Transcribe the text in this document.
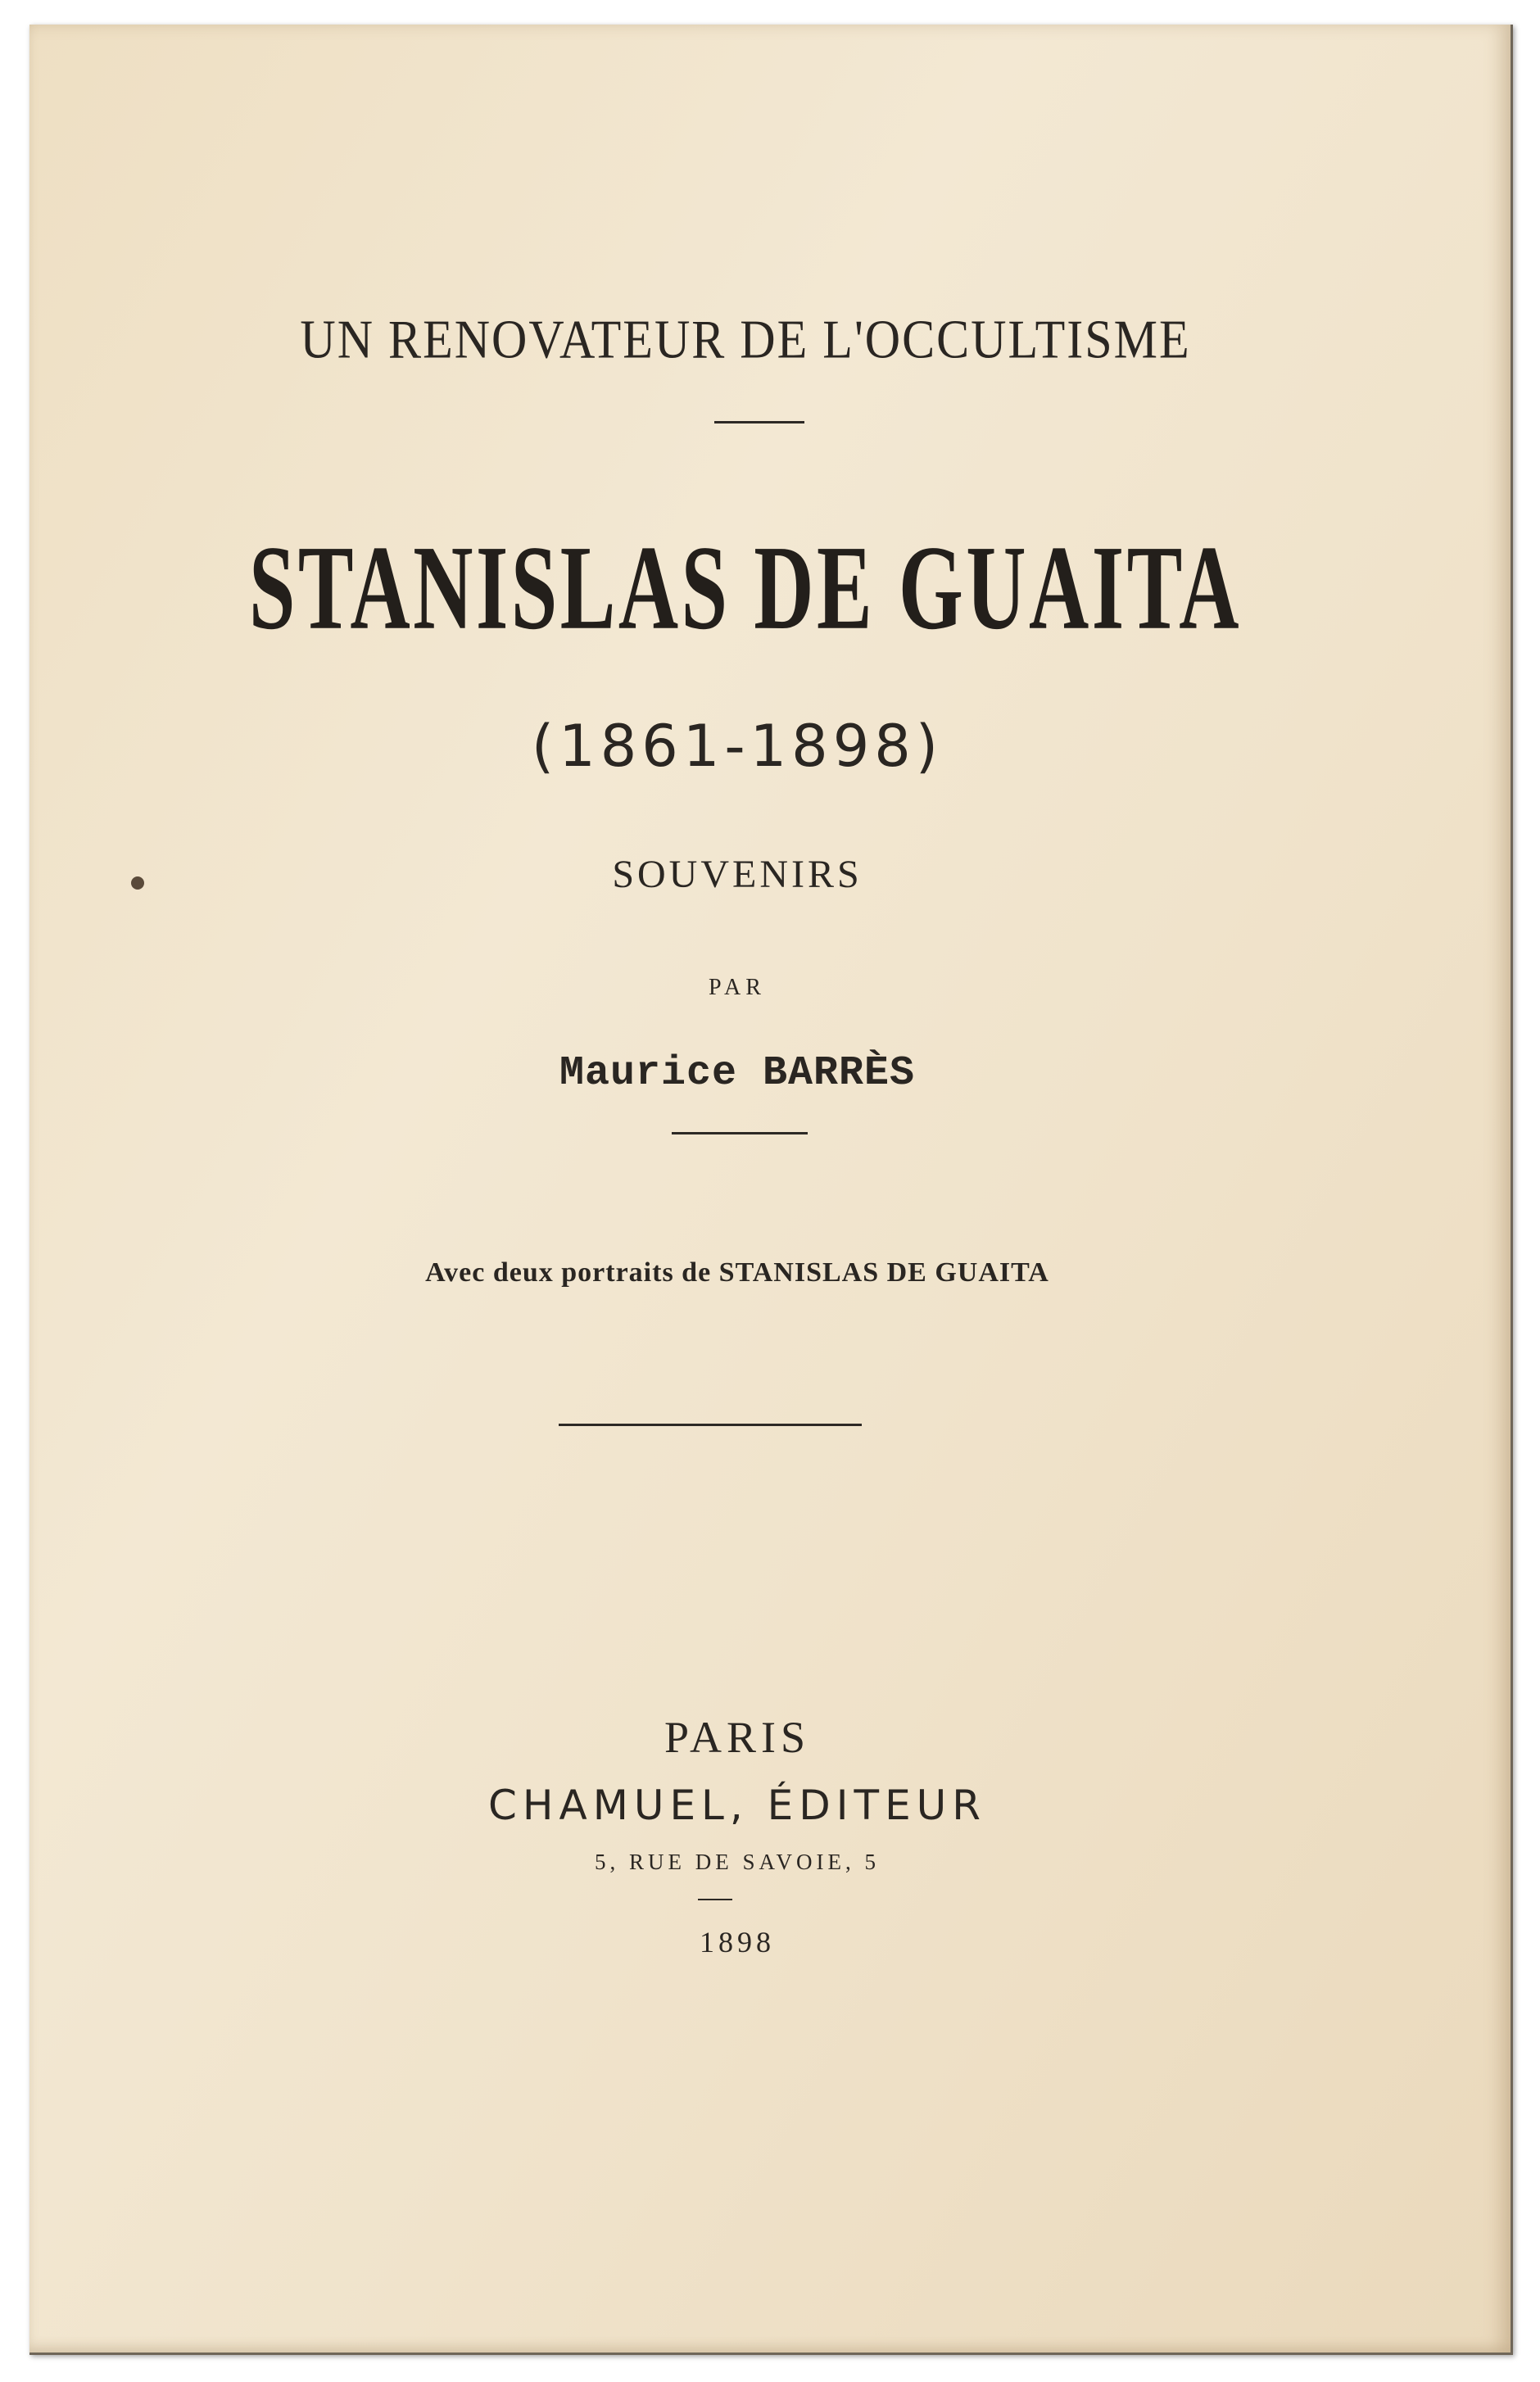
UN RENOVATEUR DE L'OCCULTISME
STANISLAS DE GUAITA
(1861-1898)
SOUVENIRS
PAR
Maurice BARRÈS
Avec deux portraits de STANISLAS DE GUAITA
PARIS
CHAMUEL, ÉDITEUR
5, RUE DE SAVOIE, 5
1898
